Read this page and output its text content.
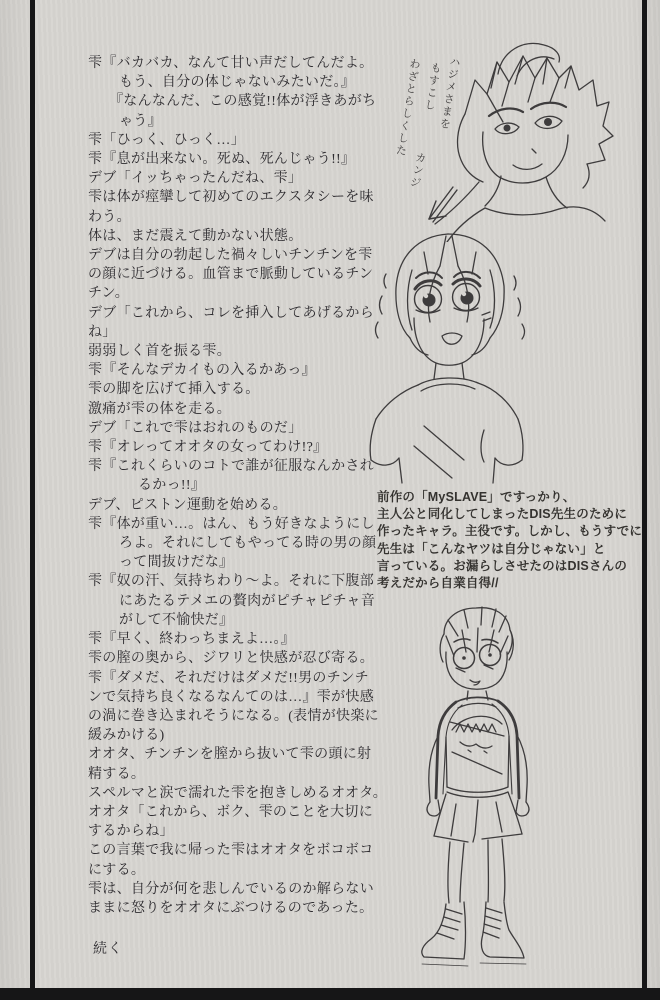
雫『バカバカ、なんて甘い声だしてんだよ。
もう、自分の体じゃないみたいだ。』
『なんなんだ、この感覚!!体が浮きあがち
ゃう』
雫「ひっく、ひっく…」
雫『息が出来ない。死ぬ、死んじゃう!!』
デブ「イッちゃったんだね、雫」
雫は体が痙攣して初めてのエクスタシーを味
わう。
体は、まだ震えて動かない状態。
デブは自分の勃起した禍々しいチンチンを雫
の顔に近づける。血管まで脈動しているチン
チン。
デブ「これから、コレを挿入してあげるから
ね」
弱弱しく首を振る雫。
雫『そんなデカイもの入るかあっ』
雫の脚を広げて挿入する。
激痛が雫の体を走る。
デブ「これで雫はおれのものだ」
雫『オレってオオタの女ってわけ!?』
雫『これくらいのコトで誰が征服なんかされ
るかっ!!』
デブ、ピストン運動を始める。
雫『体が重い…。はん、もう好きなようにし
ろよ。それにしてもやってる時の男の顔
って間抜けだな』
雫『奴の汗、気持ちわり〜よ。それに下腹部
にあたるテメエの贅肉がピチャピチャ音
がして不愉快だ』
雫『早く、終わっちまえよ…。』
雫の膣の奥から、ジワリと快感が忍び寄る。
雫『ダメだ、それだけはダメだ!!男のチンチ
ンで気持ち良くなるなんてのは…』雫が快感
の渦に巻き込まれそうになる。(表情が快楽に
緩みかける)
オオタ、チンチンを膣から抜いて雫の頭に射
精する。
スペルマと涙で濡れた雫を抱きしめるオオタ。
オオタ「これから、ボク、雫のことを大切に
するからね」
この言葉で我に帰った雫はオオタをボコボコ
にする。
雫は、自分が何を悲しんでいるのか解らない
ままに怒りをオオタにぶつけるのであった。
続く
ハジメさまを
もすこし
わざとらしくした
カンジ
前作の「MySLAVE」ですっかり、
主人公と同化してしまったDIS先生のために
作ったキャラ。主役です。しかし、もうすでに
先生は「こんなヤツは自分じゃない」と
言っている。お漏らしさせたのはDISさんの
考えだから自業自得//
